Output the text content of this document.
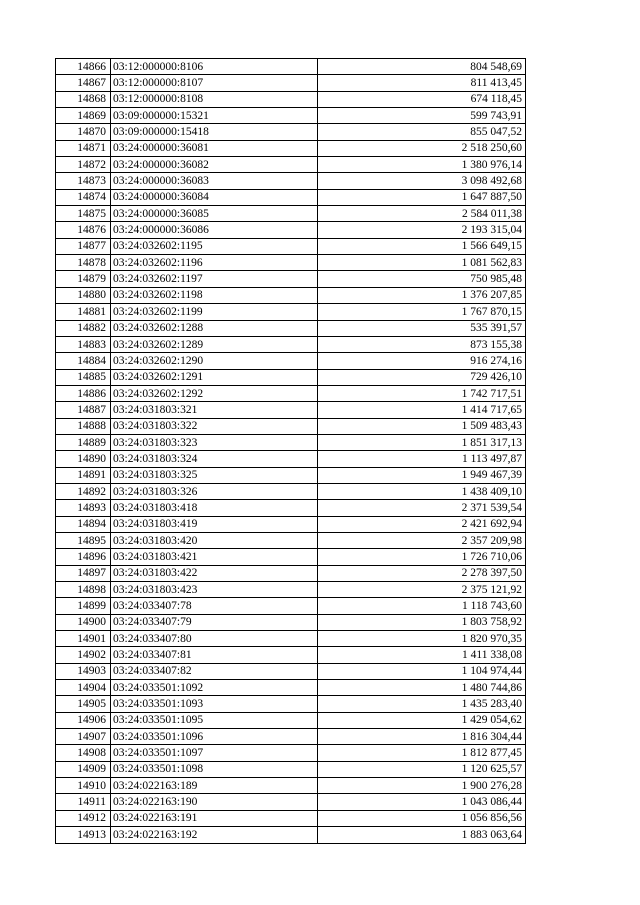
14866	03:12:000000:8106	804 548,69
14867	03:12:000000:8107	811 413,45
14868	03:12:000000:8108	674 118,45
14869	03:09:000000:15321	599 743,91
14870	03:09:000000:15418	855 047,52
14871	03:24:000000:36081	2 518 250,60
14872	03:24:000000:36082	1 380 976,14
14873	03:24:000000:36083	3 098 492,68
14874	03:24:000000:36084	1 647 887,50
14875	03:24:000000:36085	2 584 011,38
14876	03:24:000000:36086	2 193 315,04
14877	03:24:032602:1195	1 566 649,15
14878	03:24:032602:1196	1 081 562,83
14879	03:24:032602:1197	750 985,48
14880	03:24:032602:1198	1 376 207,85
14881	03:24:032602:1199	1 767 870,15
14882	03:24:032602:1288	535 391,57
14883	03:24:032602:1289	873 155,38
14884	03:24:032602:1290	916 274,16
14885	03:24:032602:1291	729 426,10
14886	03:24:032602:1292	1 742 717,51
14887	03:24:031803:321	1 414 717,65
14888	03:24:031803:322	1 509 483,43
14889	03:24:031803:323	1 851 317,13
14890	03:24:031803:324	1 113 497,87
14891	03:24:031803:325	1 949 467,39
14892	03:24:031803:326	1 438 409,10
14893	03:24:031803:418	2 371 539,54
14894	03:24:031803:419	2 421 692,94
14895	03:24:031803:420	2 357 209,98
14896	03:24:031803:421	1 726 710,06
14897	03:24:031803:422	2 278 397,50
14898	03:24:031803:423	2 375 121,92
14899	03:24:033407:78	1 118 743,60
14900	03:24:033407:79	1 803 758,92
14901	03:24:033407:80	1 820 970,35
14902	03:24:033407:81	1 411 338,08
14903	03:24:033407:82	1 104 974,44
14904	03:24:033501:1092	1 480 744,86
14905	03:24:033501:1093	1 435 283,40
14906	03:24:033501:1095	1 429 054,62
14907	03:24:033501:1096	1 816 304,44
14908	03:24:033501:1097	1 812 877,45
14909	03:24:033501:1098	1 120 625,57
14910	03:24:022163:189	1 900 276,28
14911	03:24:022163:190	1 043 086,44
14912	03:24:022163:191	1 056 856,56
14913	03:24:022163:192	1 883 063,64
